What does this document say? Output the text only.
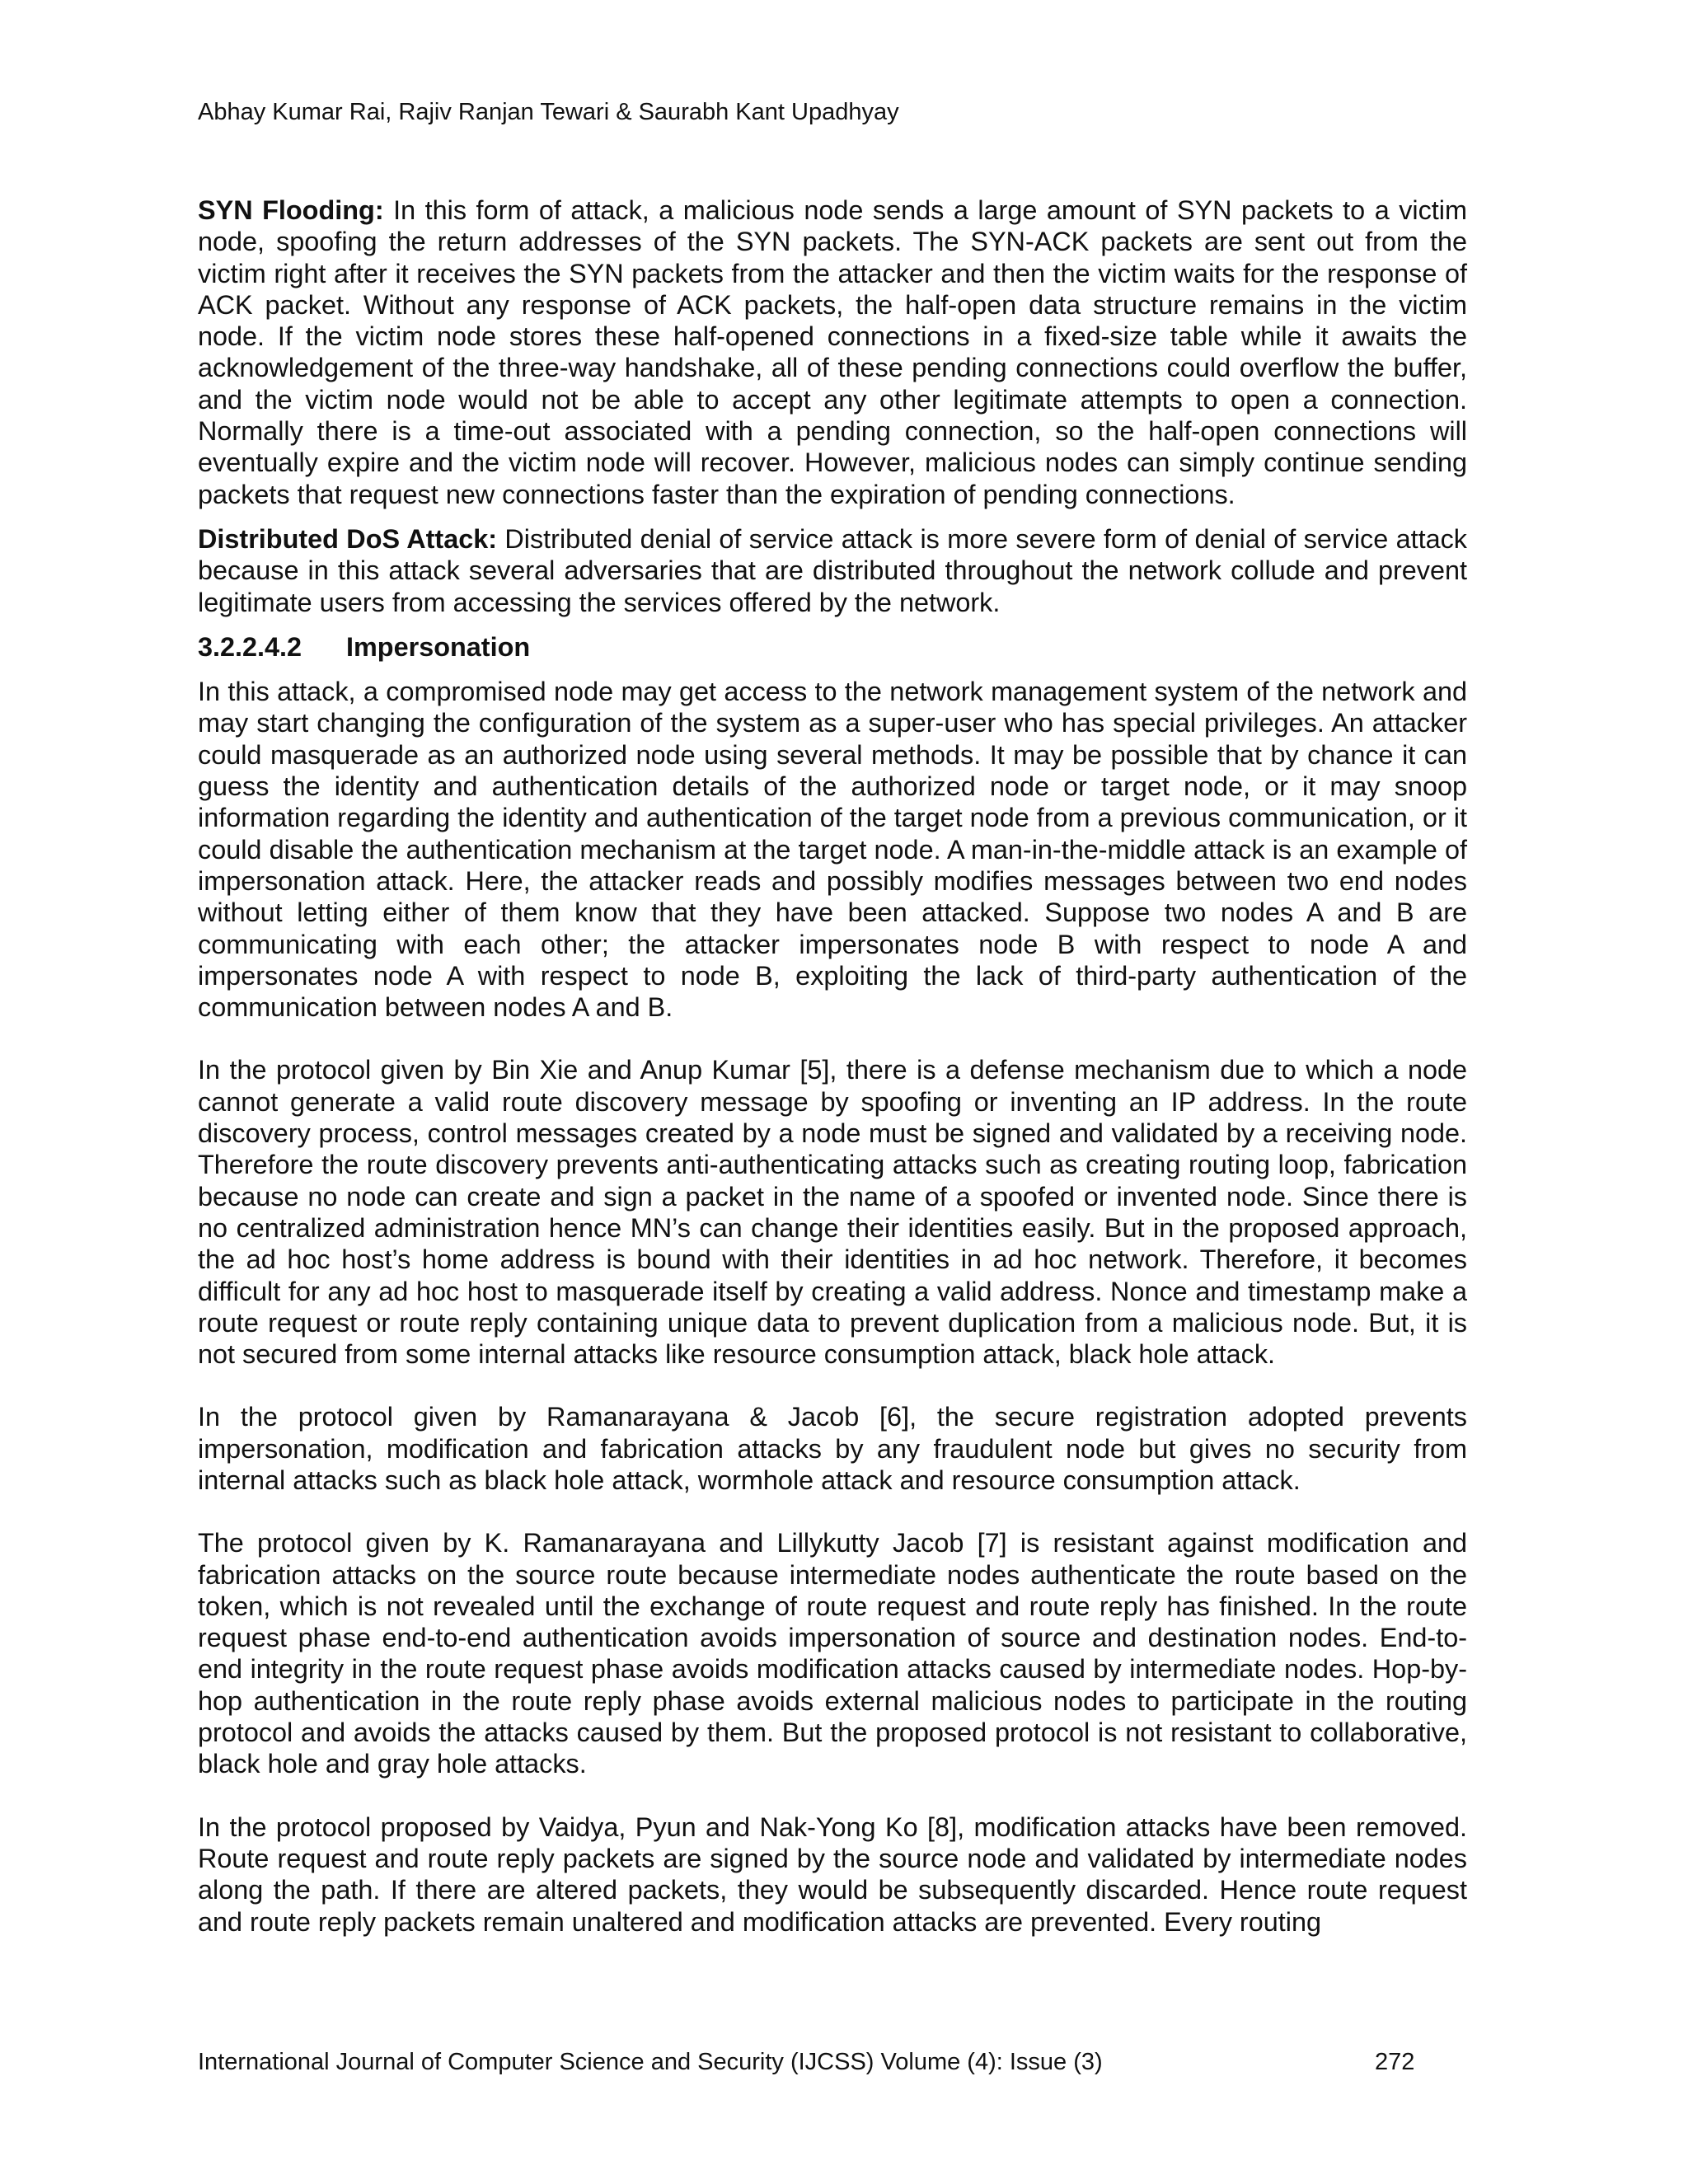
Abhay Kumar Rai, Rajiv Ranjan Tewari & Saurabh Kant Upadhyay

SYN Flooding: In this form of attack, a malicious node sends a large amount of SYN packets to a victim node, spoofing the return addresses of the SYN packets. The SYN-ACK packets are sent out from the victim right after it receives the SYN packets from the attacker and then the victim waits for the response of ACK packet. Without any response of ACK packets, the half-open data structure remains in the victim node. If the victim node stores these half-opened connections in a fixed-size table while it awaits the acknowledgement of the three-way handshake, all of these pending connections could overflow the buffer, and the victim node would not be able to accept any other legitimate attempts to open a connection. Normally there is a time-out associated with a pending connection, so the half-open connections will eventually expire and the victim node will recover. However, malicious nodes can simply continue sending packets that request new connections faster than the expiration of pending connections.

Distributed DoS Attack: Distributed denial of service attack is more severe form of denial of service attack because in this attack several adversaries that are distributed throughout the network collude and prevent legitimate users from accessing the services offered by the network.

3.2.2.4.2 Impersonation

In this attack, a compromised node may get access to the network management system of the network and may start changing the configuration of the system as a super-user who has special privileges. An attacker could masquerade as an authorized node using several methods. It may be possible that by chance it can guess the identity and authentication details of the authorized node or target node, or it may snoop information regarding the identity and authentication of the target node from a previous communication, or it could disable the authentication mechanism at the target node. A man-in-the-middle attack is an example of impersonation attack. Here, the attacker reads and possibly modifies messages between two end nodes without letting either of them know that they have been attacked. Suppose two nodes A and B are communicating with each other; the attacker impersonates node B with respect to node A and impersonates node A with respect to node B, exploiting the lack of third-party authentication of the communication between nodes A and B.

In the protocol given by Bin Xie and Anup Kumar [5], there is a defense mechanism due to which a node cannot generate a valid route discovery message by spoofing or inventing an IP address. In the route discovery process, control messages created by a node must be signed and validated by a receiving node. Therefore the route discovery prevents anti-authenticating attacks such as creating routing loop, fabrication because no node can create and sign a packet in the name of a spoofed or invented node. Since there is no centralized administration hence MN’s can change their identities easily. But in the proposed approach, the ad hoc host’s home address is bound with their identities in ad hoc network. Therefore, it becomes difficult for any ad hoc host to masquerade itself by creating a valid address. Nonce and timestamp make a route request or route reply containing unique data to prevent duplication from a malicious node. But, it is not secured from some internal attacks like resource consumption attack, black hole attack.

In the protocol given by Ramanarayana & Jacob [6], the secure registration adopted prevents impersonation, modification and fabrication attacks by any fraudulent node but gives no security from internal attacks such as black hole attack, wormhole attack and resource consumption attack.

The protocol given by K. Ramanarayana and Lillykutty Jacob [7] is resistant against modification and fabrication attacks on the source route because intermediate nodes authenticate the route based on the token, which is not revealed until the exchange of route request and route reply has finished. In the route request phase end-to-end authentication avoids impersonation of source and destination nodes. End-to-end integrity in the route request phase avoids modification attacks caused by intermediate nodes. Hop-by-hop authentication in the route reply phase avoids external malicious nodes to participate in the routing protocol and avoids the attacks caused by them. But the proposed protocol is not resistant to collaborative, black hole and gray hole attacks.

In the protocol proposed by Vaidya, Pyun and Nak-Yong Ko [8], modification attacks have been removed. Route request and route reply packets are signed by the source node and validated by intermediate nodes along the path. If there are altered packets, they would be subsequently discarded. Hence route request and route reply packets remain unaltered and modification attacks are prevented. Every routing

International Journal of Computer Science and Security (IJCSS) Volume (4): Issue (3)	272
